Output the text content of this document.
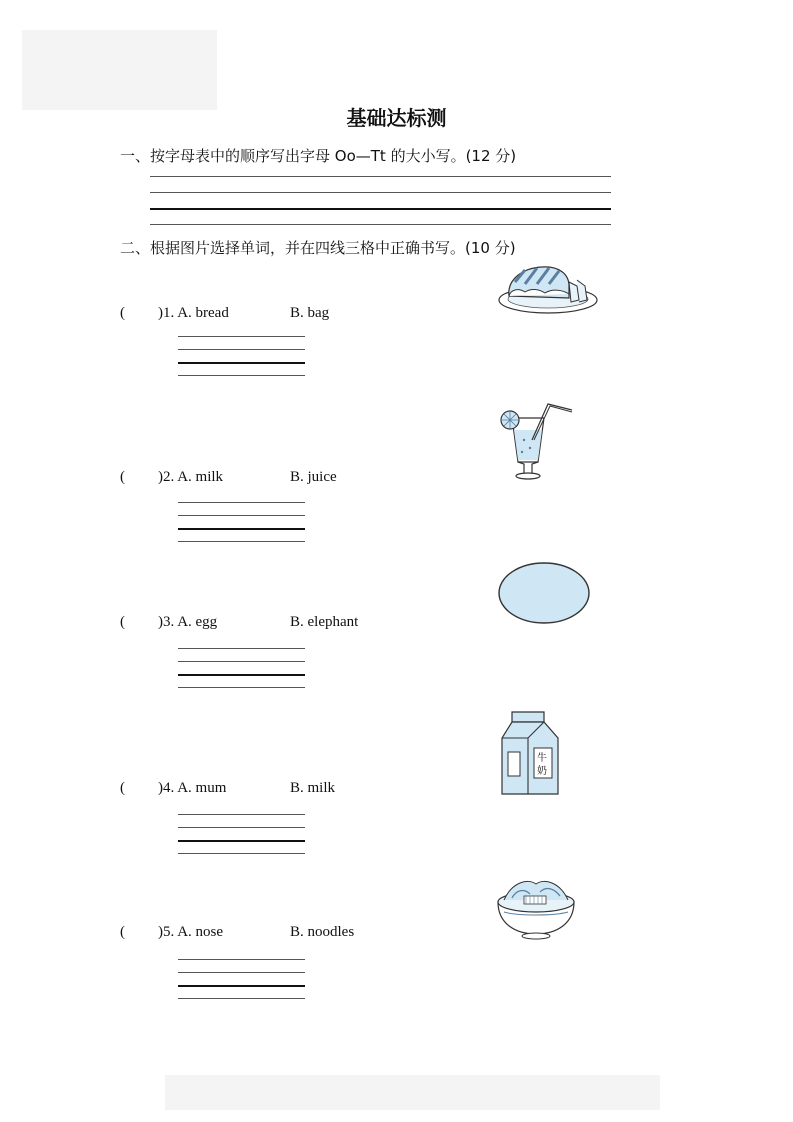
基础达标测
一、按字母表中的顺序写出字母 Oo—Tt 的大小写。(12 分)
二、根据图片选择单词，并在四线三格中正确书写。(10 分)
( )1. A. bread	B. bag
( )2. A. milk	B. juice
( )3. A. egg	B. elephant
( )4. A. mum	B. milk
牛
奶
( )5. A. nose	B. noodles
